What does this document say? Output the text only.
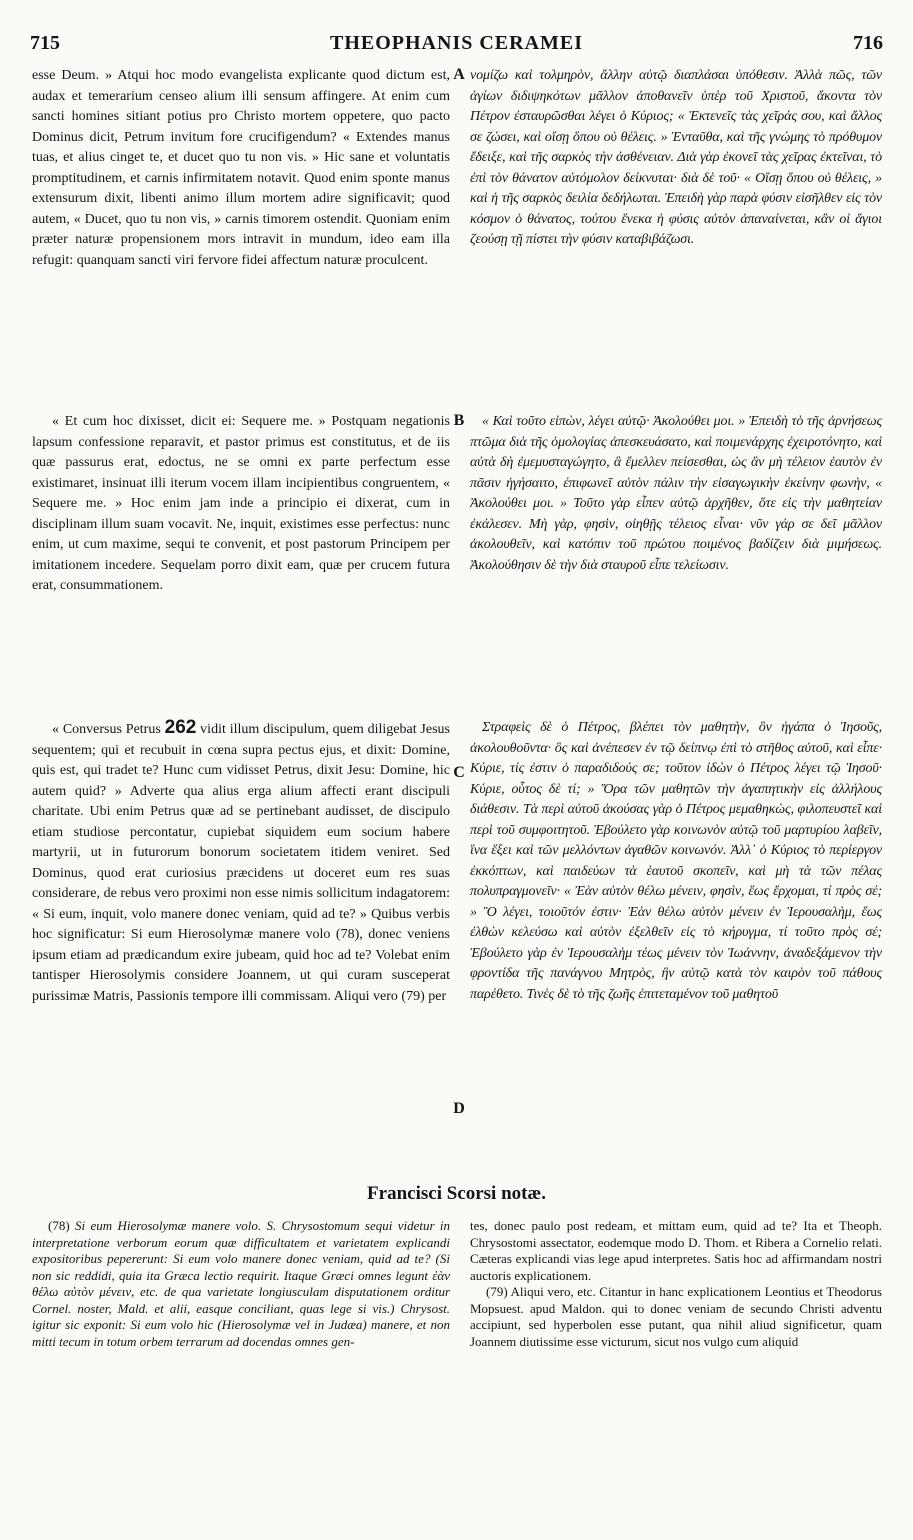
715	THEOPHANIS CERAMEI	716

esse Deum. » Atqui hoc modo evangelista explicante quod dictum est, audax et temerarium censeo alium illi sensum affingere. At enim cum sancti homines sitiant potius pro Christo mortem oppetere, quo pacto Dominus dicit, Petrum invitum fore crucifigendum? « Extendes manus tuas, et alius cinget te, et ducet quo tu non vis. » Hic sane et voluntatis promptitudinem, et carnis infirmitatem notavit. Quod enim sponte manus extensurum dixit, libenti animo illum mortem adire significavit; quod autem, « Ducet, quo tu non vis, » carnis timorem ostendit. Quoniam enim præter naturæ propensionem mors intravit in mundum, ideo eam illa refugit: quanquam sancti viri fervore fidei affectum naturæ proculcent.

A νομίζω καὶ τολμηρὸν, ἄλλην αὐτῷ διαπλάσαι ὑπόθεσιν. Ἀλλὰ πῶς, τῶν ἁγίων διδιψηκότων μᾶλλον ἀποθανεῖν ὑπὲρ τοῦ Χριστοῦ, ἄκοντα τὸν Πέτρον ἐσταυρῶσθαι λέγει ὁ Κύριος; « Ἐκτενεῖς τὰς χεῖράς σου, καὶ ἄλλος σε ζώσει, καὶ οἴσῃ ὅπου οὐ θέλεις. » Ἐνταῦθα, καὶ τῆς γνώμης τὸ πρόθυμον ἔδειξε, καὶ τῆς σαρκὸς τὴν ἀσθένειαν. Διὰ γὰρ ἐκονεῖ τὰς χεῖρας ἐκτεῖναι, τὸ ἐπὶ τὸν θάνατον αὐτόμολον δείκνυται· διὰ δὲ τοῦ· « Οἴσῃ ὅπου οὐ θέλεις, » καὶ ἡ τῆς σαρκὸς δειλία δεδήλωται. Ἐπειδὴ γὰρ παρὰ φύσιν εἰσῆλθεν εἰς τὸν κόσμον ὁ θάνατος, τούτου ἕνεκα ἡ φύσις αὐτὸν ἀπαναίνεται, κἂν οἱ ἅγιοι ζεούσῃ τῇ πίστει τὴν φύσιν καταβιβάζωσι.

« Et cum hoc dixisset, dicit ei: Sequere me. » Postquam negationis lapsum confessione reparavit, et pastor primus est constitutus, et de iis quæ passurus erat, edoctus, ne se omni ex parte perfectum esse existimaret, insinuat illi iterum vocem illam incipientibus congruentem, « Sequere me. » Hoc enim jam inde a principio ei dixerat, cum in disciplinam illum suam vocavit. Ne, inquit, existimes esse perfectus: nunc enim, ut cum maxime, sequi te convenit, et post pastorum Principem per imitationem incedere. Sequelam porro dixit eam, quæ per crucem futura erat, consummationem.

B	« Καὶ τοῦτο εἰπὼν, λέγει αὐτῷ· Ἀκολούθει μοι. » Ἐπειδὴ τὸ τῆς ἀρνήσεως πτῶμα διὰ τῆς ὁμολογίας ἀπεσκευάσατο, καὶ ποιμενάρχης ἐχειροτόνητο, καὶ αὐτὰ δὴ ἐμεμυσταγώγητο, ἃ ἔμελλεν πείσεσθαι, ὡς ἂν μὴ τέλειον ἑαυτὸν ἐν πᾶσιν ἡγήσαιτο, ἐπιφωνεῖ αὐτὸν πάλιν τὴν εἰσαγωγικὴν ἐκείνην φωνὴν, « Ἀκολούθει μοι. » Τοῦτο γὰρ εἶπεν αὐτῷ ἀρχῆθεν, ὅτε εἰς τὴν μαθητείαν ἐκάλεσεν. Μὴ γὰρ, φησὶν, οἰηθῇς τέλειος εἶναι· νῦν γάρ σε δεῖ μᾶλλον ἀκολουθεῖν, καὶ κατόπιν τοῦ πρώτου ποιμένος βαδίζειν διὰ μιμήσεως. Ἀκολούθησιν δὲ τὴν διὰ σταυροῦ εἶπε τελείωσιν.

« Conversus Petrus 262 vidit illum discipulum, quem diligebat Jesus sequentem; qui et recubuit in cœna supra pectus ejus, et dixit: Domine, quis est, qui tradet te? Hunc cum vidisset Petrus, dixit Jesu: Domine, hic autem quid? » Adverte qua alius erga alium affecti erant discipuli charitate. Ubi enim Petrus quæ ad se pertinebant audisset, de discipulo etiam studiose percontatur, cupiebat siquidem eum socium habere martyrii, ut in futurorum bonorum societatem itidem veniret. Sed Dominus, quod erat curiosius præcidens ut doceret eum res suas considerare, de rebus vero proximi non esse nimis sollicitum indagatorem: « Si eum, inquit, volo manere donec veniam, quid ad te? » Quibus verbis hoc significatur: Si eum Hierosolymæ manere volo (78), donec veniens ipsum etiam ad prædicandum exire jubeam, quid hoc ad te? Volebat enim tantisper Hierosolymis considere Joannem, ut qui curam susceperat purissimæ Matris, Passionis tempore illi commissam. Aliqui vero (79) per

C
D

Στραφεὶς δὲ ὁ Πέτρος, βλέπει τὸν μαθητὴν, ὃν ἠγάπα ὁ Ἰησοῦς, ἀκολουθοῦντα· ὃς καὶ ἀνέπεσεν ἐν τῷ δείπνῳ ἐπὶ τὸ στῆθος αὐτοῦ, καὶ εἶπε· Κύριε, τίς ἐστιν ὁ παραδιδούς σε; τοῦτον ἰδὼν ὁ Πέτρος λέγει τῷ Ἰησοῦ· Κύριε, οὗτος δὲ τί; » Ὅρα τῶν μαθητῶν τὴν ἀγαπητικὴν εἰς ἀλλήλους διάθεσιν. Τὰ περὶ αὐτοῦ ἀκούσας γὰρ ὁ Πέτρος μεμαθηκὼς, φιλοπευστεῖ καὶ περὶ τοῦ συμφοιτητοῦ. Ἐβούλετο γὰρ κοινωνὸν αὐτῷ τοῦ μαρτυρίου λαβεῖν, ἵνα ἕξει καὶ τῶν μελλόντων ἀγαθῶν κοινωνόν. Ἀλλ᾽ ὁ Κύριος τὸ περίεργον ἐκκόπτων, καὶ παιδεύων τὰ ἑαυτοῦ σκοπεῖν, καὶ μὴ τὰ τῶν πέλας πολυπραγμονεῖν· « Ἐὰν αὐτὸν θέλω μένειν, φησὶν, ἕως ἔρχομαι, τί πρὸς σέ; » Ὃ λέγει, τοιοῦτόν ἐστιν· Ἐὰν θέλω αὐτὸν μένειν ἐν Ἱερουσαλὴμ, ἕως ἐλθὼν κελεύσω καὶ αὐτὸν ἐξελθεῖν εἰς τὸ κήρυγμα, τί τοῦτο πρὸς σέ; Ἐβούλετο γὰρ ἐν Ἱερουσαλὴμ τέως μένειν τὸν Ἰωάννην, ἀναδεξάμενον τὴν φροντίδα τῆς πανάγνου Μητρὸς, ἣν αὐτῷ κατὰ τὸν καιρὸν τοῦ πάθους παρέθετο. Τινὲς δὲ τὸ τῆς ζωῆς ἐπιτεταμένον τοῦ μαθητοῦ

Francisci Scorsi notæ.

(78) Si eum Hierosolymæ manere volo. S. Chrysostomum sequi videtur in interpretatione verborum eorum quæ difficultatem et varietatem explicandi expositoribus pepererunt: Si eum volo manere donec veniam, quid ad te? (Si non sic reddidi, quia ita Græca lectio requirit. Itaque Græci omnes legunt ἐὰν θέλω αὐτὸν μένειν, etc. de qua varietate longiusculam disputationem orditur Cornel. noster, Mald. et alii, easque conciliant, quas lege si vis.) Chrysost. igitur sic exponit: Si eum volo hic (Hierosolymæ vel in Judæa) manere, et non mitti tecum in totum orbem terrarum ad docendas omnes gen-

tes, donec paulo post redeam, et mittam eum, quid ad te? Ita et Theoph. Chrysostomi assectator, eodemque modo D. Thom. et Ribera a Cornelio relati. Cæteras explicandi vias lege apud interpretes. Satis hoc ad affirmandam nostri auctoris explicationem.

(79) Aliqui vero, etc. Citantur in hanc explicationem Leontius et Theodorus Mopsuest. apud Maldon. qui to donec veniam de secundo Christi adventu accipiunt, sed hyperbolen esse putant, qua nihil aliud significetur, quam Joannem diutissime esse victurum, sicut nos vulgo cum aliquid
